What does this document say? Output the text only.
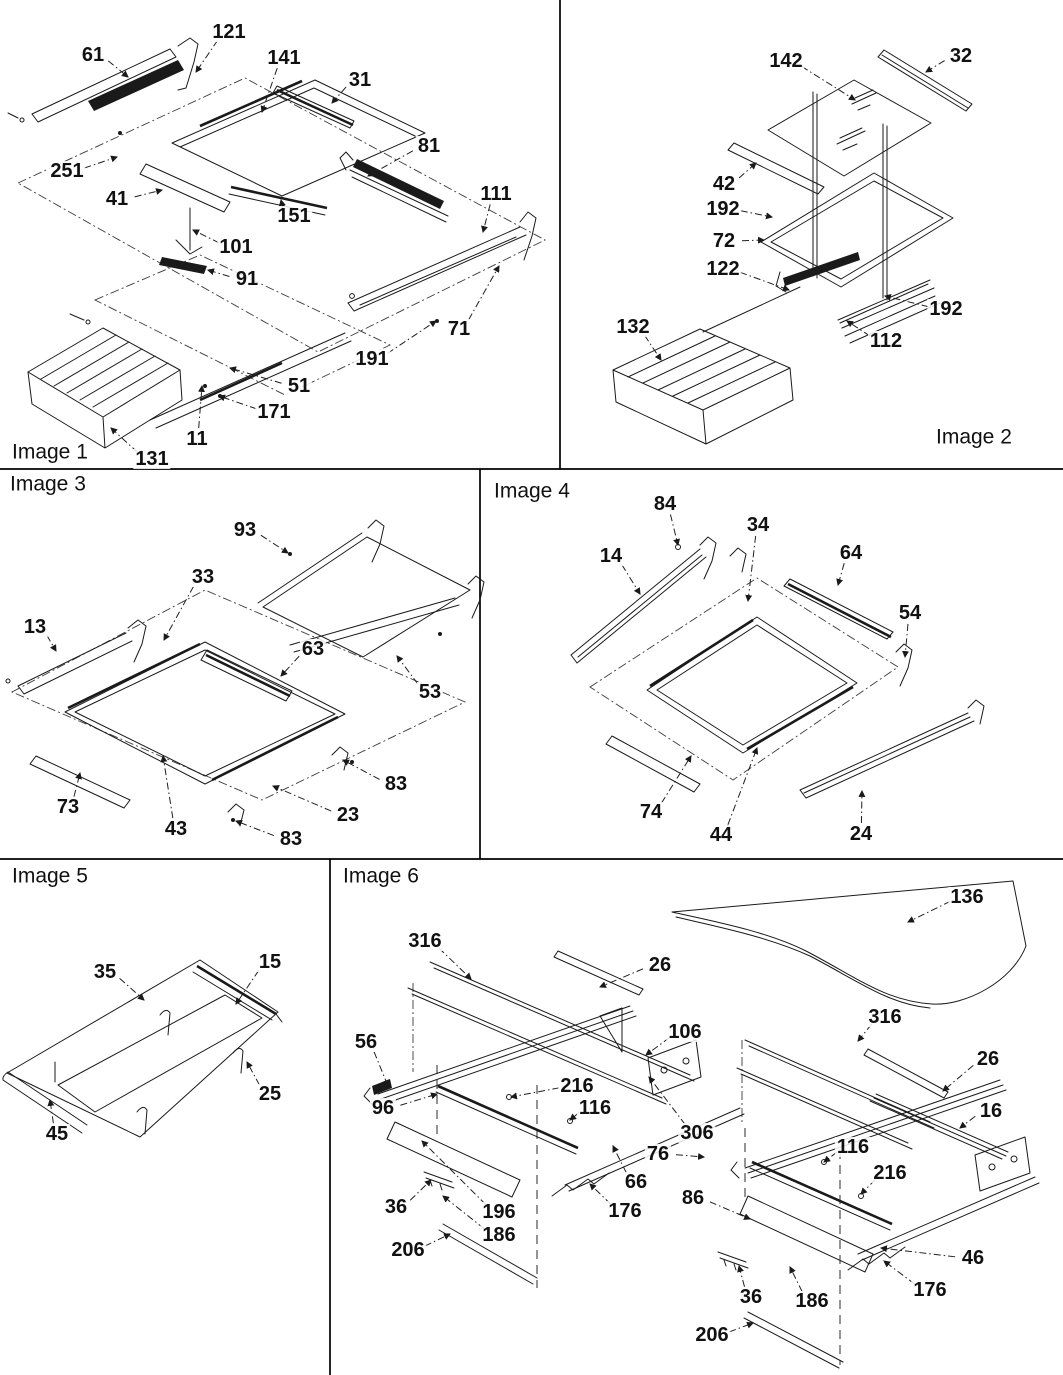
Image 1
Image 2
Image 3	Image 4
Image 5	Image 6
61
121
141
31
81
251
41
151
101
91
111
71
191
51
171
11
131
142	32
42
192
72
122
192
112
132
93
33
13
63
53
73
43
23
83
83
84
34
14	64
54
74
44	24
35	15
25
45
136
316
26
106
316
26
56
96
216
116
306
76
66
86
176
36	196
186
206
116
216
16
46
176
36 186
206
